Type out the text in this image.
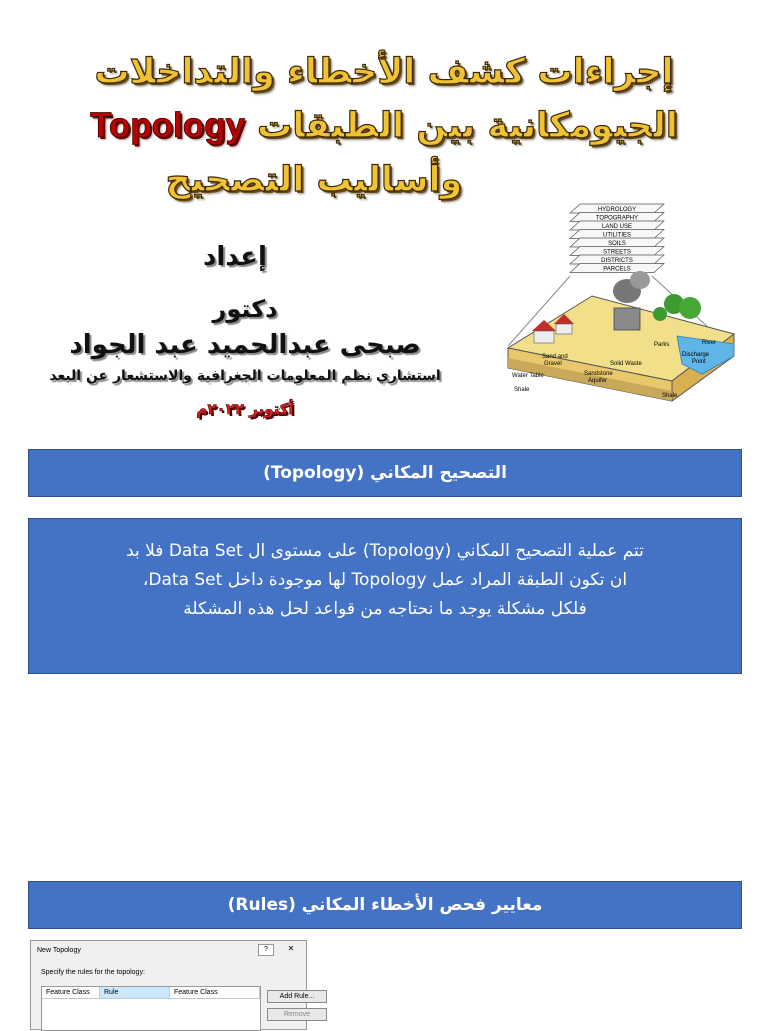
إجراءات كشف الأخطاء والتداخلات
الجيومكانية بين الطبقات Topology
وأساليب التصحيح
إعداد
دكتور
صبحى عبدالحميد عبد الجواد
استشاري نظم المعلومات الجغرافية والاستشعار عن البعد
أكتوبر ٢٠٢٢م
HYDROLOGY
TOPOGRAPHY
LAND USE
UTILITIES
SOILS
STREETS
DISTRICTS
PARCELS
Parks	River
Discharge
Point
Sand and
Gravel	Solid Waste
Water Table	Sandstone
Aquifer
Shale
Shale
التصحيح المكاني (Topology)
تتم عملية التصحيح المكاني (Topology) على مستوى ال Data Set فلا بد
ان تكون الطبقة المراد عمل Topology لها موجودة داخل Data Set،
فلكل مشكلة يوجد ما نحتاجه من قواعد لحل هذه المشكلة
معايير فحص الأخطاء المكاني (Rules)
New Topology	?	✕
Specify the rules for the topology:
Feature Class	Rule	Feature Class
Add Rule...
Remove
